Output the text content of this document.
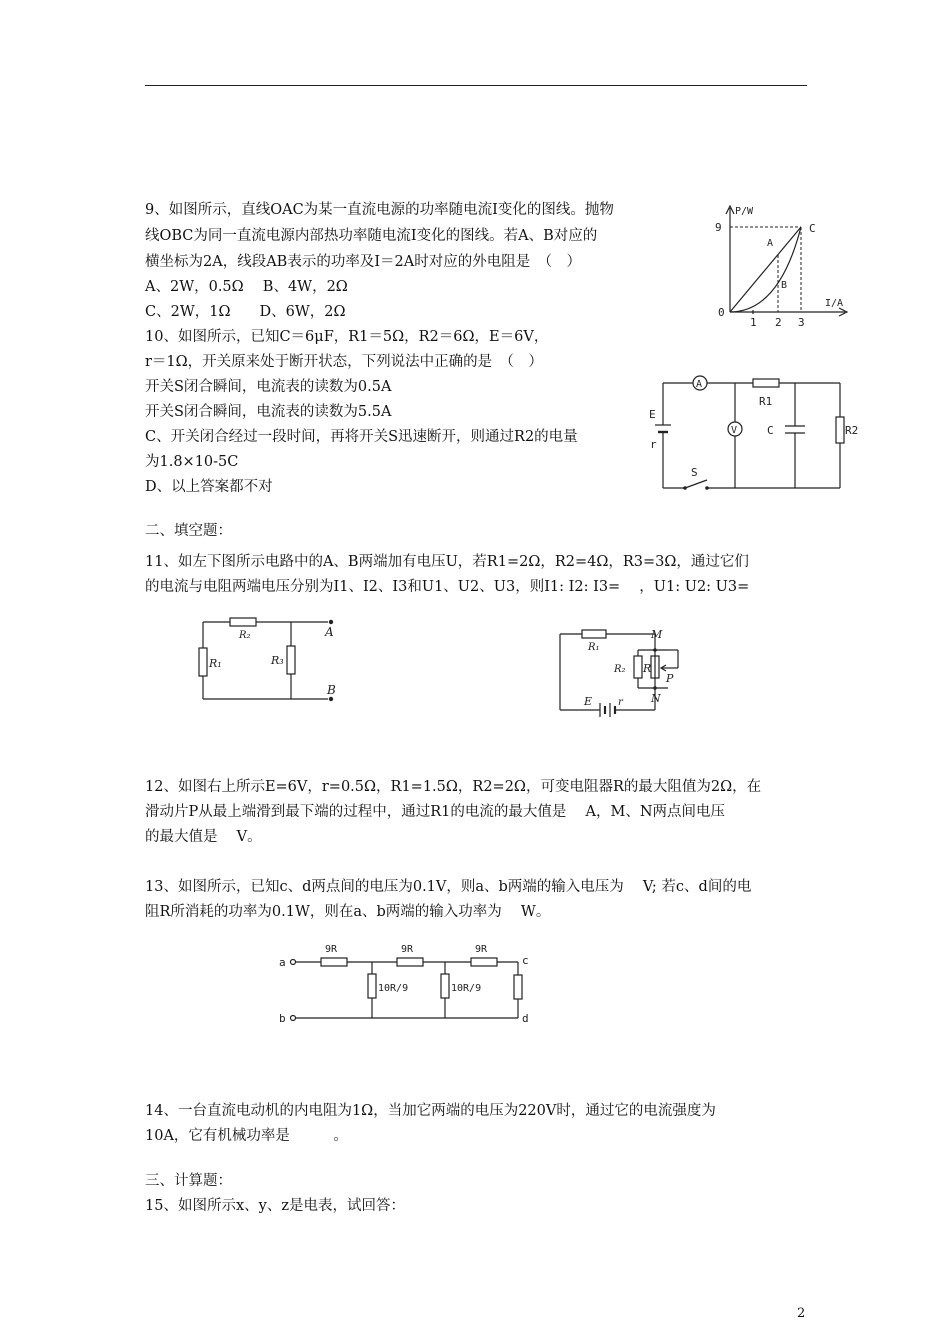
9、如图所示，直线OAC为某一直流电源的功率随电流I变化的图线。抛物
线OBC为同一直流电源内部热功率随电流I变化的图线。若A、B对应的
横坐标为2A，线段AB表示的功率及I＝2A时对应的外电阻是　（　）
A、2W，0.5Ω　 B、4W，2Ω
C、2W，1Ω　　D、6W，2Ω
10、如图所示，已知C＝6μF，R1＝5Ω，R2＝6Ω，E＝6V，
r＝1Ω，开关原来处于断开状态，下列说法中正确的是　（　）
开关S闭合瞬间，电流表的读数为0.5A
开关S闭合瞬间，电流表的读数为5.5A
C、开关闭合经过一段时间，再将开关S迅速断开，则通过R2的电量
为1.8×10-5C
D、以上答案都不对
二、填空题：
11、如左下图所示电路中的A、B两端加有电压U，若R1=2Ω，R2=4Ω，R3=3Ω，通过它们
的电流与电阻两端电压分别为I1、I2、I3和U1、U2、U3，则I1: I2: I3=　 ，U1: U2: U3=
12、如图右上所示E=6V，r=0.5Ω，R1=1.5Ω，R2=2Ω，可变电阻器R的最大阻值为2Ω，在
滑动片P从最上端滑到最下端的过程中，通过R1的电流的最大值是　 A，M、N两点间电压
的最大值是　 V。
13、如图所示，已知c、d两点间的电压为0.1V，则a、b两端的输入电压为　 V; 若c、d间的电
阻R所消耗的功率为0.1W，则在a、b两端的输入功率为　 W。
14、一台直流电动机的内电阻为1Ω，当加它两端的电压为220V时，通过它的电流强度为
10A，它有机械功率是　　　。
三、计算题：
15、如图所示x、y、z是电表，试回答：
2
P/W
I/A
9
0
1 2 3
A
B
C
A
V
R1
R2
E
r
C
S
R₂
R₁	R₃
A
B
R₁
R₂ R
P
M
N
E	r
a
b
c
d
9R	9R	9R
10R/9	10R/9
